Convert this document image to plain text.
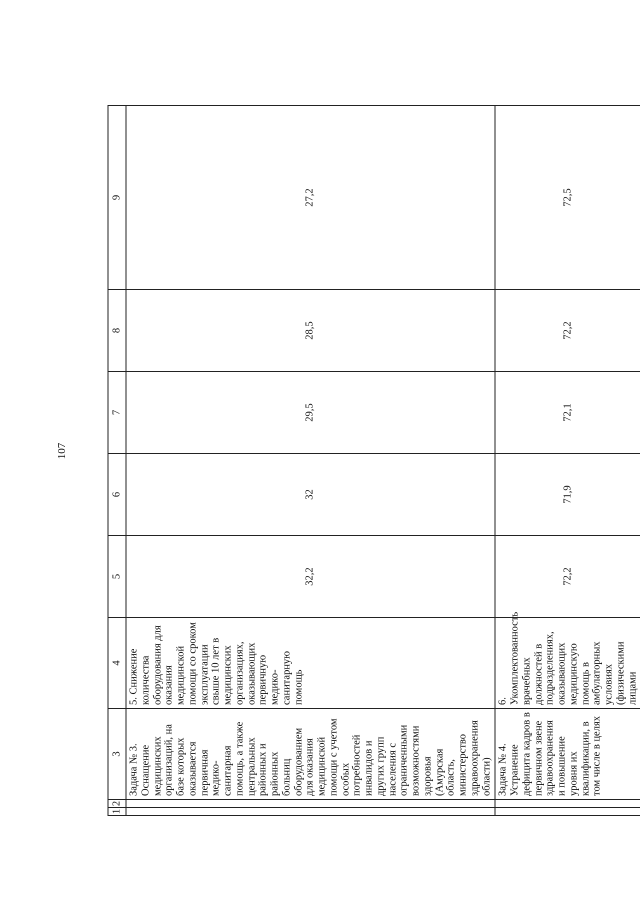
107
1	2	3	4	5	6	7	8	9
		Задача № 3. Оснащение медицинских организаций, на базе которых оказывается первичная медико-санитарная помощь, а также центральных районных и районных больниц оборудованием для оказания медицинской помощи с учетом особых потребностей инвалидов и других групп населения с ограниченными возможностями здоровья (Амурская область, министерство здравоохранения области)	5. Снижение количества оборудования для оказания медицинской помощи со сроком эксплуатации свыше 10 лет в медицинских организациях, оказывающих первичную медико-санитарную помощь	32,2	32	29,5	28,5	27,2
		Задача № 4. Устранение дефицита кадров в первичном звене здравоохранения и повышение уровня их квалификации, в том числе в целях	6. Укомплектованность врачебных должностей в подразделениях, оказывающих медицинскую помощь в амбулаторных условиях (физическими лицами	72,2	71,9	72,1	72,2	72,5
